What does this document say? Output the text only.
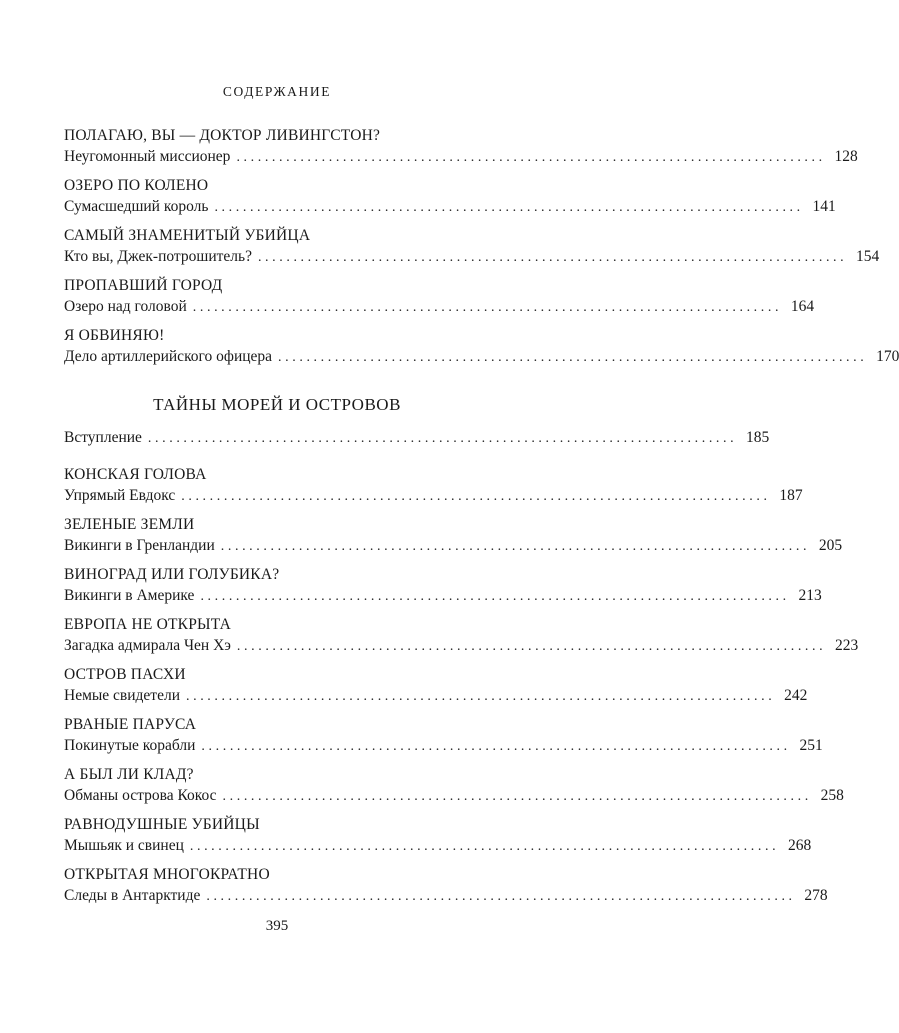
СОДЕРЖАНИЕ
ПОЛАГАЮ, ВЫ — ДОКТОР ЛИВИНГСТОН?
Неугомонный миссионер ................................................................................... 128
ОЗЕРО ПО КОЛЕНО
Сумасшедший король ................................................................................... 141
САМЫЙ ЗНАМЕНИТЫЙ УБИЙЦА
Кто вы, Джек-потрошитель? ................................................................................... 154
ПРОПАВШИЙ ГОРОД
Озеро над головой ................................................................................... 164
Я ОБВИНЯЮ!
Дело артиллерийского офицера ................................................................................... 170
ТАЙНЫ МОРЕЙ И ОСТРОВОВ
Вступление ................................................................................... 185
КОНСКАЯ ГОЛОВА
Упрямый Евдокс ................................................................................... 187
ЗЕЛЕНЫЕ ЗЕМЛИ
Викинги в Гренландии ................................................................................... 205
ВИНОГРАД ИЛИ ГОЛУБИКА?
Викинги в Америке ................................................................................... 213
ЕВРОПА НЕ ОТКРЫТА
Загадка адмирала Чен Хэ ................................................................................... 223
ОСТРОВ ПАСХИ
Немые свидетели ................................................................................... 242
РВАНЫЕ ПАРУСА
Покинутые корабли ................................................................................... 251
А БЫЛ ЛИ КЛАД?
Обманы острова Кокос ................................................................................... 258
РАВНОДУШНЫЕ УБИЙЦЫ
Мышьяк и свинец ................................................................................... 268
ОТКРЫТАЯ МНОГОКРАТНО
Следы в Антарктиде ................................................................................... 278
395
